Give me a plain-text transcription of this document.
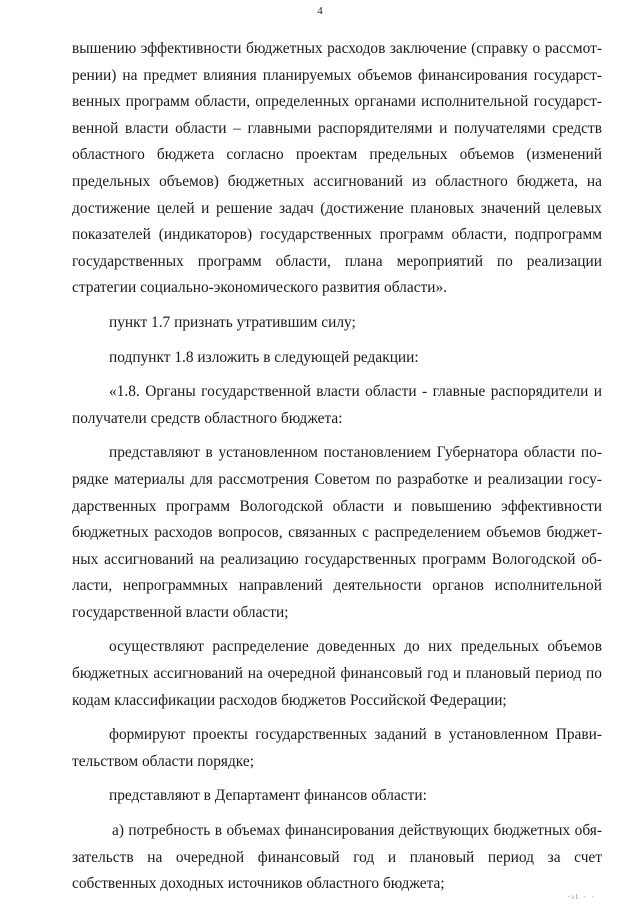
4

вышению эффективности бюджетных расходов заключение (справку о рассмотрении) на предмет влияния планируемых объемов финансирования государственных программ области, определенных органами исполнительной государственной власти области – главными распорядителями и получателями средств областного бюджета согласно проектам предельных объемов (изменений предельных объемов) бюджетных ассигнований из областного бюджета, на достижение целей и решение задач (достижение плановых значений целевых показателей (индикаторов) государственных программ области, подпрограмм государственных программ области, плана мероприятий по реализации стратегии социально-экономического развития области».

пункт 1.7 признать утратившим силу;

подпункт 1.8 изложить в следующей редакции:

«1.8. Органы государственной власти области - главные распорядители и получатели средств областного бюджета:

представляют в установленном постановлением Губернатора области порядке материалы для рассмотрения Советом по разработке и реализации государственных программ Вологодской области и повышению эффективности бюджетных расходов вопросов, связанных с распределением объемов бюджетных ассигнований на реализацию государственных программ Вологодской области, непрограммных направлений деятельности органов исполнительной государственной власти области;

осуществляют распределение доведенных до них предельных объемов бюджетных ассигнований на очередной финансовый год и плановый период по кодам классификации расходов бюджетов Российской Федерации;

формируют проекты государственных заданий в установленном Правительством области порядке;

представляют в Департамент финансов области:

а) потребность в объемах финансирования действующих бюджетных обязательств на очередной финансовый год и плановый период за счет собственных доходных источников областного бюджета;

·ıl · ·
